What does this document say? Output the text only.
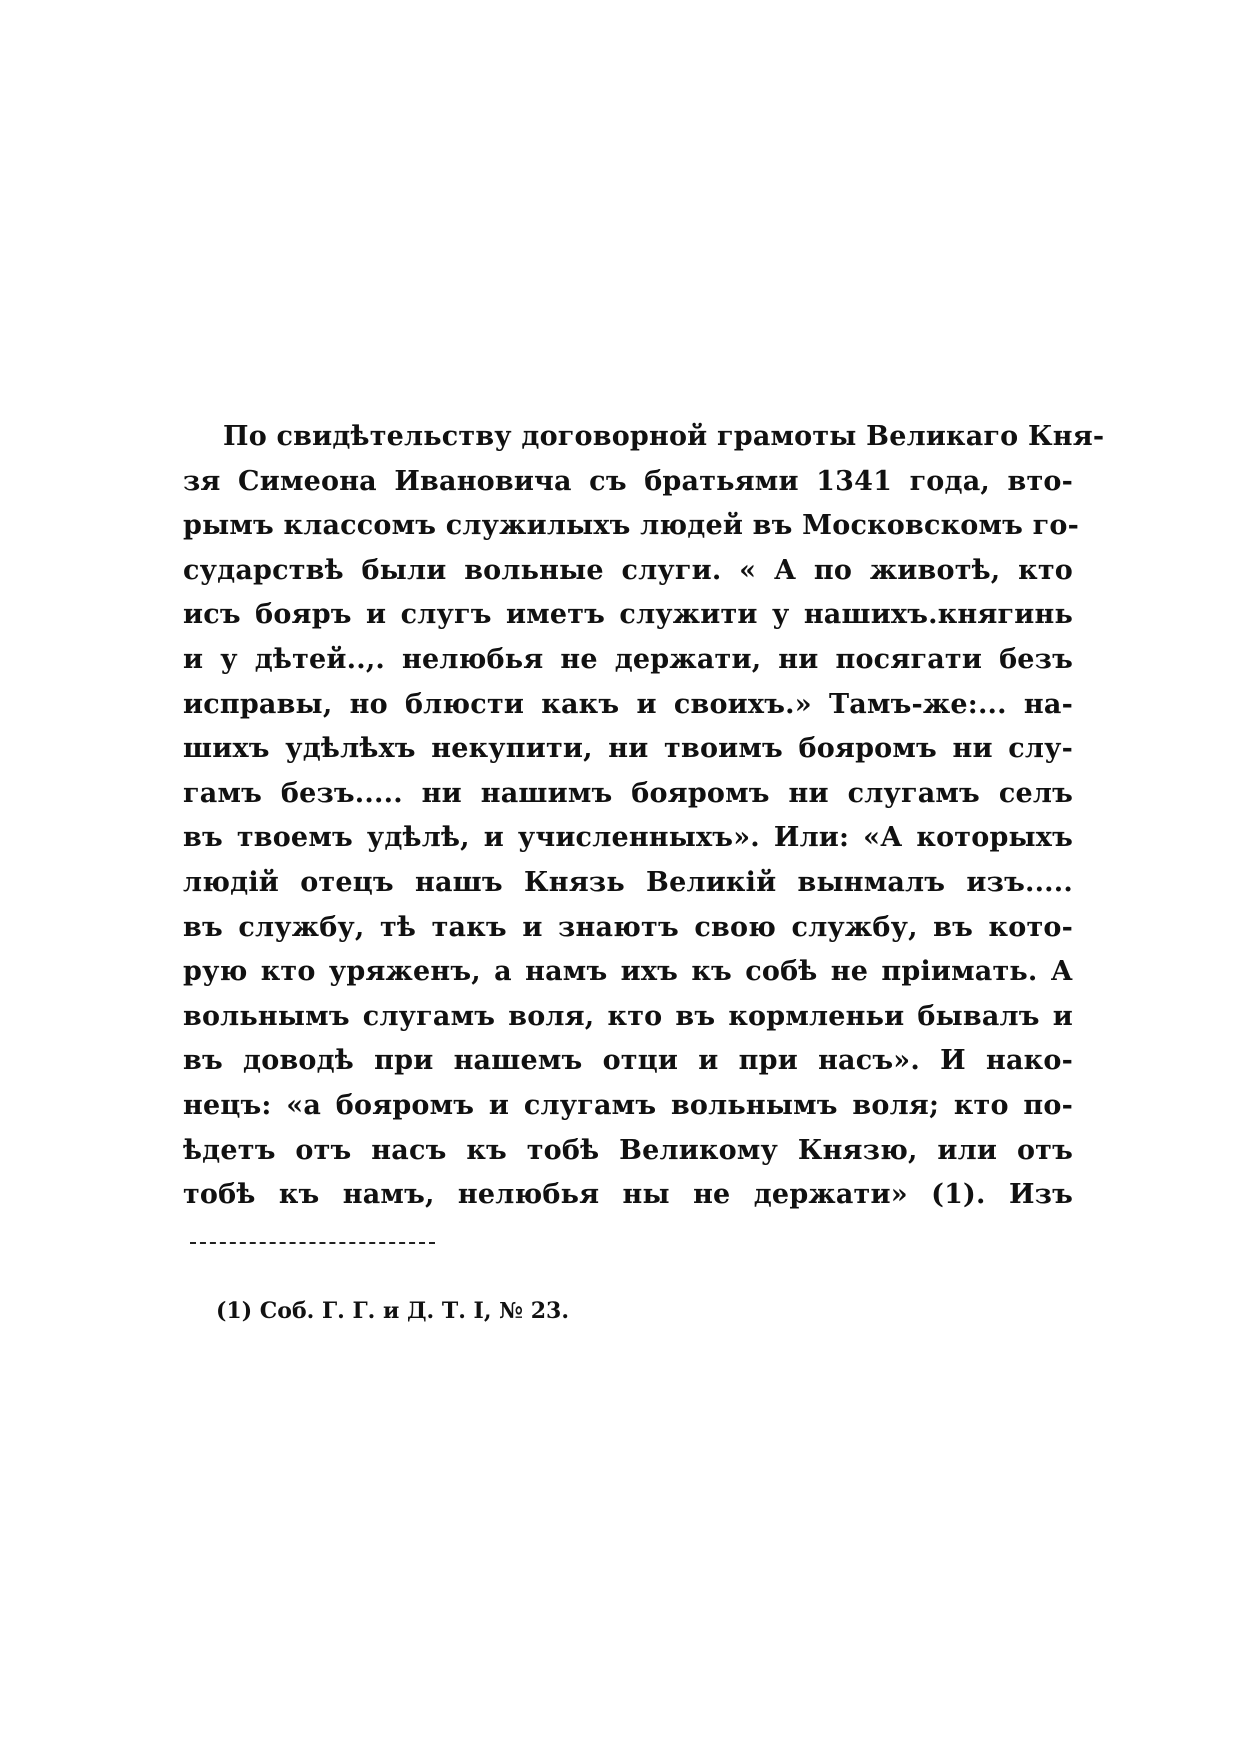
По свидѣтельству договорной грамоты Великаго Кня-
зя Симеона Ивановича съ братьями 1341 года, вто-
рымъ классомъ служилыхъ людей въ Московскомъ го-
сударствѣ были вольные слуги. « А по животѣ, кто
исъ бояръ и слугъ иметъ служити у нашихъ.княгинь
и у дѣтей..,. нелюбья не держати, ни посягати безъ
исправы, но блюсти какъ и своихъ.» Тамъ-же:... на-
шихъ удѣлѣхъ некупити, ни твоимъ бояромъ ни слу-
гамъ безъ..... ни нашимъ бояромъ ни слугамъ селъ
въ твоемъ удѣлѣ, и учисленныхъ». Или: «А которыхъ
людій отецъ нашъ Князь Великій вынмалъ изъ.....
въ службу, тѣ такъ и знаютъ свою службу, въ кото-
рую кто уряженъ, а намъ ихъ къ собѣ не пріимать. А
вольнымъ слугамъ воля, кто въ кормленьи бывалъ и
въ доводѣ при нашемъ отци и при насъ». И нако-
нецъ: «а бояромъ и слугамъ вольнымъ воля; кто по-
ѣдетъ отъ насъ къ тобѣ Великому Князю, или отъ
тобѣ къ намъ, нелюбья ны не держати» (1). Изъ
(1) Соб. Г. Г. и Д. Т. I, № 23.
